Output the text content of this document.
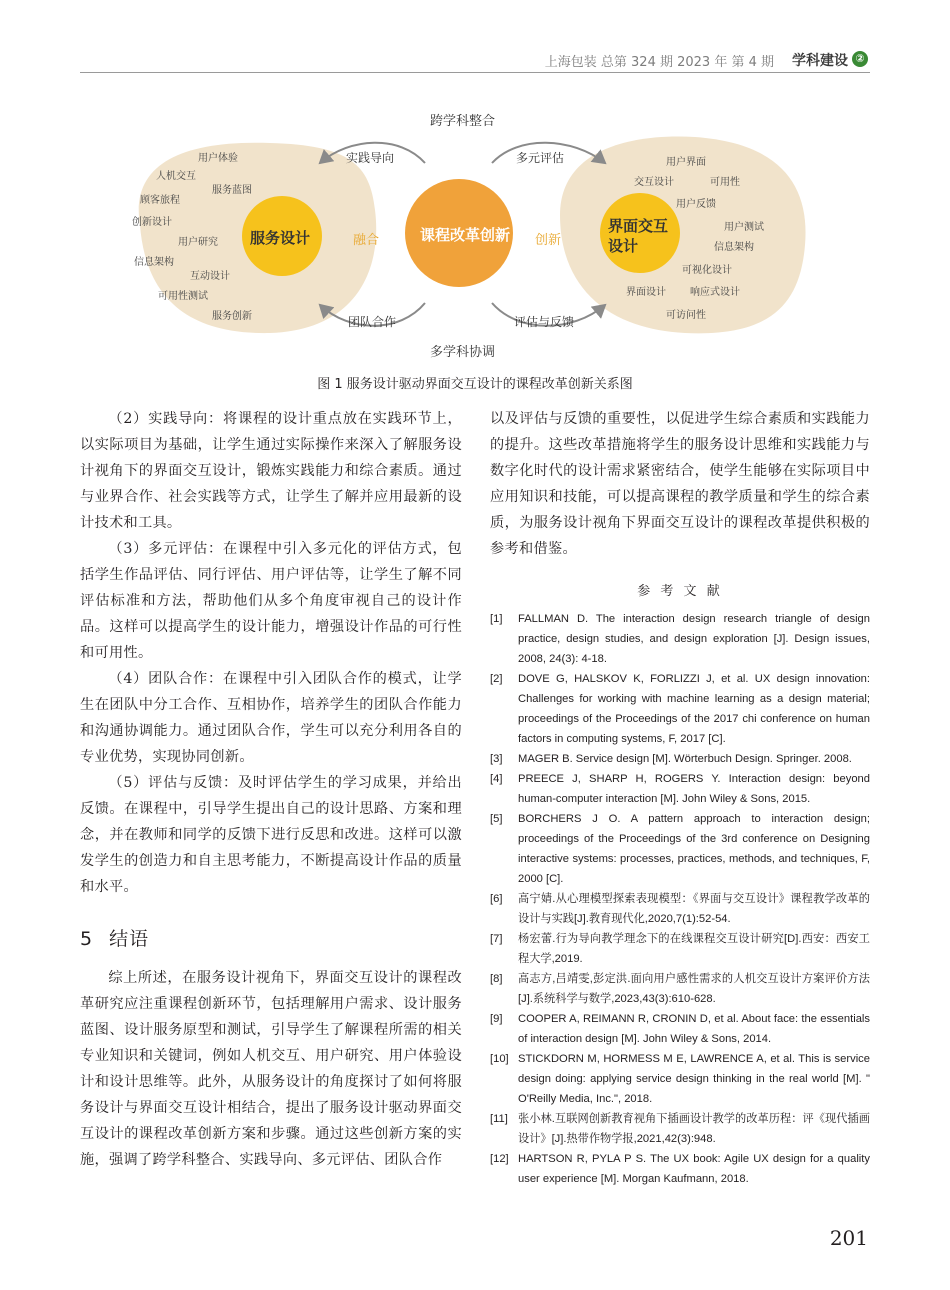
上海包装 总第 324 期 2023 年 第 4 期 学科建设 ②
跨学科整合
多学科协调
课程改革创新
服务设计
界面交互
设计
融合	创新
实践导向	多元评估
团队合作	评估与反馈
用户体验
人机交互
服务蓝图
顾客旅程
创新设计
用户研究
信息架构
互动设计
可用性测试
服务创新
用户界面
交互设计	可用性
用户反馈
用户测试
信息架构
可视化设计
界面设计 响应式设计
可访问性
图 1 服务设计驱动界面交互设计的课程改革创新关系图

（2）实践导向：将课程的设计重点放在实践环节上，以实际项目为基础，让学生通过实际操作来深入了解服务设计视角下的界面交互设计，锻炼实践能力和综合素质。通过与业界合作、社会实践等方式，让学生了解并应用最新的设计技术和工具。

（3）多元评估：在课程中引入多元化的评估方式，包括学生作品评估、同行评估、用户评估等，让学生了解不同评估标准和方法，帮助他们从多个角度审视自己的设计作品。这样可以提高学生的设计能力，增强设计作品的可行性和可用性。

（4）团队合作：在课程中引入团队合作的模式，让学生在团队中分工合作、互相协作，培养学生的团队合作能力和沟通协调能力。通过团队合作，学生可以充分利用各自的专业优势，实现协同创新。

（5）评估与反馈：及时评估学生的学习成果，并给出反馈。在课程中，引导学生提出自己的设计思路、方案和理念，并在教师和同学的反馈下进行反思和改进。这样可以激发学生的创造力和自主思考能力，不断提高设计作品的质量和水平。

5 结语

综上所述，在服务设计视角下，界面交互设计的课程改革研究应注重课程创新环节，包括理解用户需求、设计服务蓝图、设计服务原型和测试，引导学生了解课程所需的相关专业知识和关键词，例如人机交互、用户研究、用户体验设计和设计思维等。此外，从服务设计的角度探讨了如何将服务设计与界面交互设计相结合，提出了服务设计驱动界面交互设计的课程改革创新方案和步骤。通过这些创新方案的实施，强调了跨学科整合、实践导向、多元评估、团队合作

以及评估与反馈的重要性，以促进学生综合素质和实践能力的提升。这些改革措施将学生的服务设计思维和实践能力与数字化时代的设计需求紧密结合，使学生能够在实际项目中应用知识和技能，可以提高课程的教学质量和学生的综合素质，为服务设计视角下界面交互设计的课程改革提供积极的参考和借鉴。

参 考 文 献
[1] FALLMAN D. The interaction design research triangle of design practice, design studies, and design exploration [J]. Design issues, 2008, 24(3): 4-18.
[2] DOVE G, HALSKOV K, FORLIZZI J, et al. UX design innovation: Challenges for working with machine learning as a design material; proceedings of the Proceedings of the 2017 chi conference on human factors in computing systems, F, 2017 [C].
[3] MAGER B. Service design [M]. Wörterbuch Design. Springer. 2008.
[4] PREECE J, SHARP H, ROGERS Y. Interaction design: beyond human-computer interaction [M]. John Wiley & Sons, 2015.
[5] BORCHERS J O. A pattern approach to interaction design; proceedings of the Proceedings of the 3rd conference on Designing interactive systems: processes, practices, methods, and techniques, F, 2000 [C].
[6] 高宁婧.从心理模型探索表现模型：《界面与交互设计》课程教学改革的设计与实践[J].教育现代化,2020,7(1):52-54.
[7] 杨宏蕾.行为导向教学理念下的在线课程交互设计研究[D].西安：西安工程大学,2019.
[8] 高志方,吕靖雯,彭定洪.面向用户感性需求的人机交互设计方案评价方法[J].系统科学与数学,2023,43(3):610-628.
[9] COOPER A, REIMANN R, CRONIN D, et al. About face: the essentials of interaction design [M]. John Wiley & Sons, 2014.
[10] STICKDORN M, HORMESS M E, LAWRENCE A, et al. This is service design doing: applying service design thinking in the real world [M]. " O'Reilly Media, Inc.", 2018.
[11] 张小林.互联网创新教育视角下插画设计教学的改革历程：评《现代插画设计》[J].热带作物学报,2021,42(3):948.
[12] HARTSON R, PYLA P S. The UX book: Agile UX design for a quality user experience [M]. Morgan Kaufmann, 2018.
201
